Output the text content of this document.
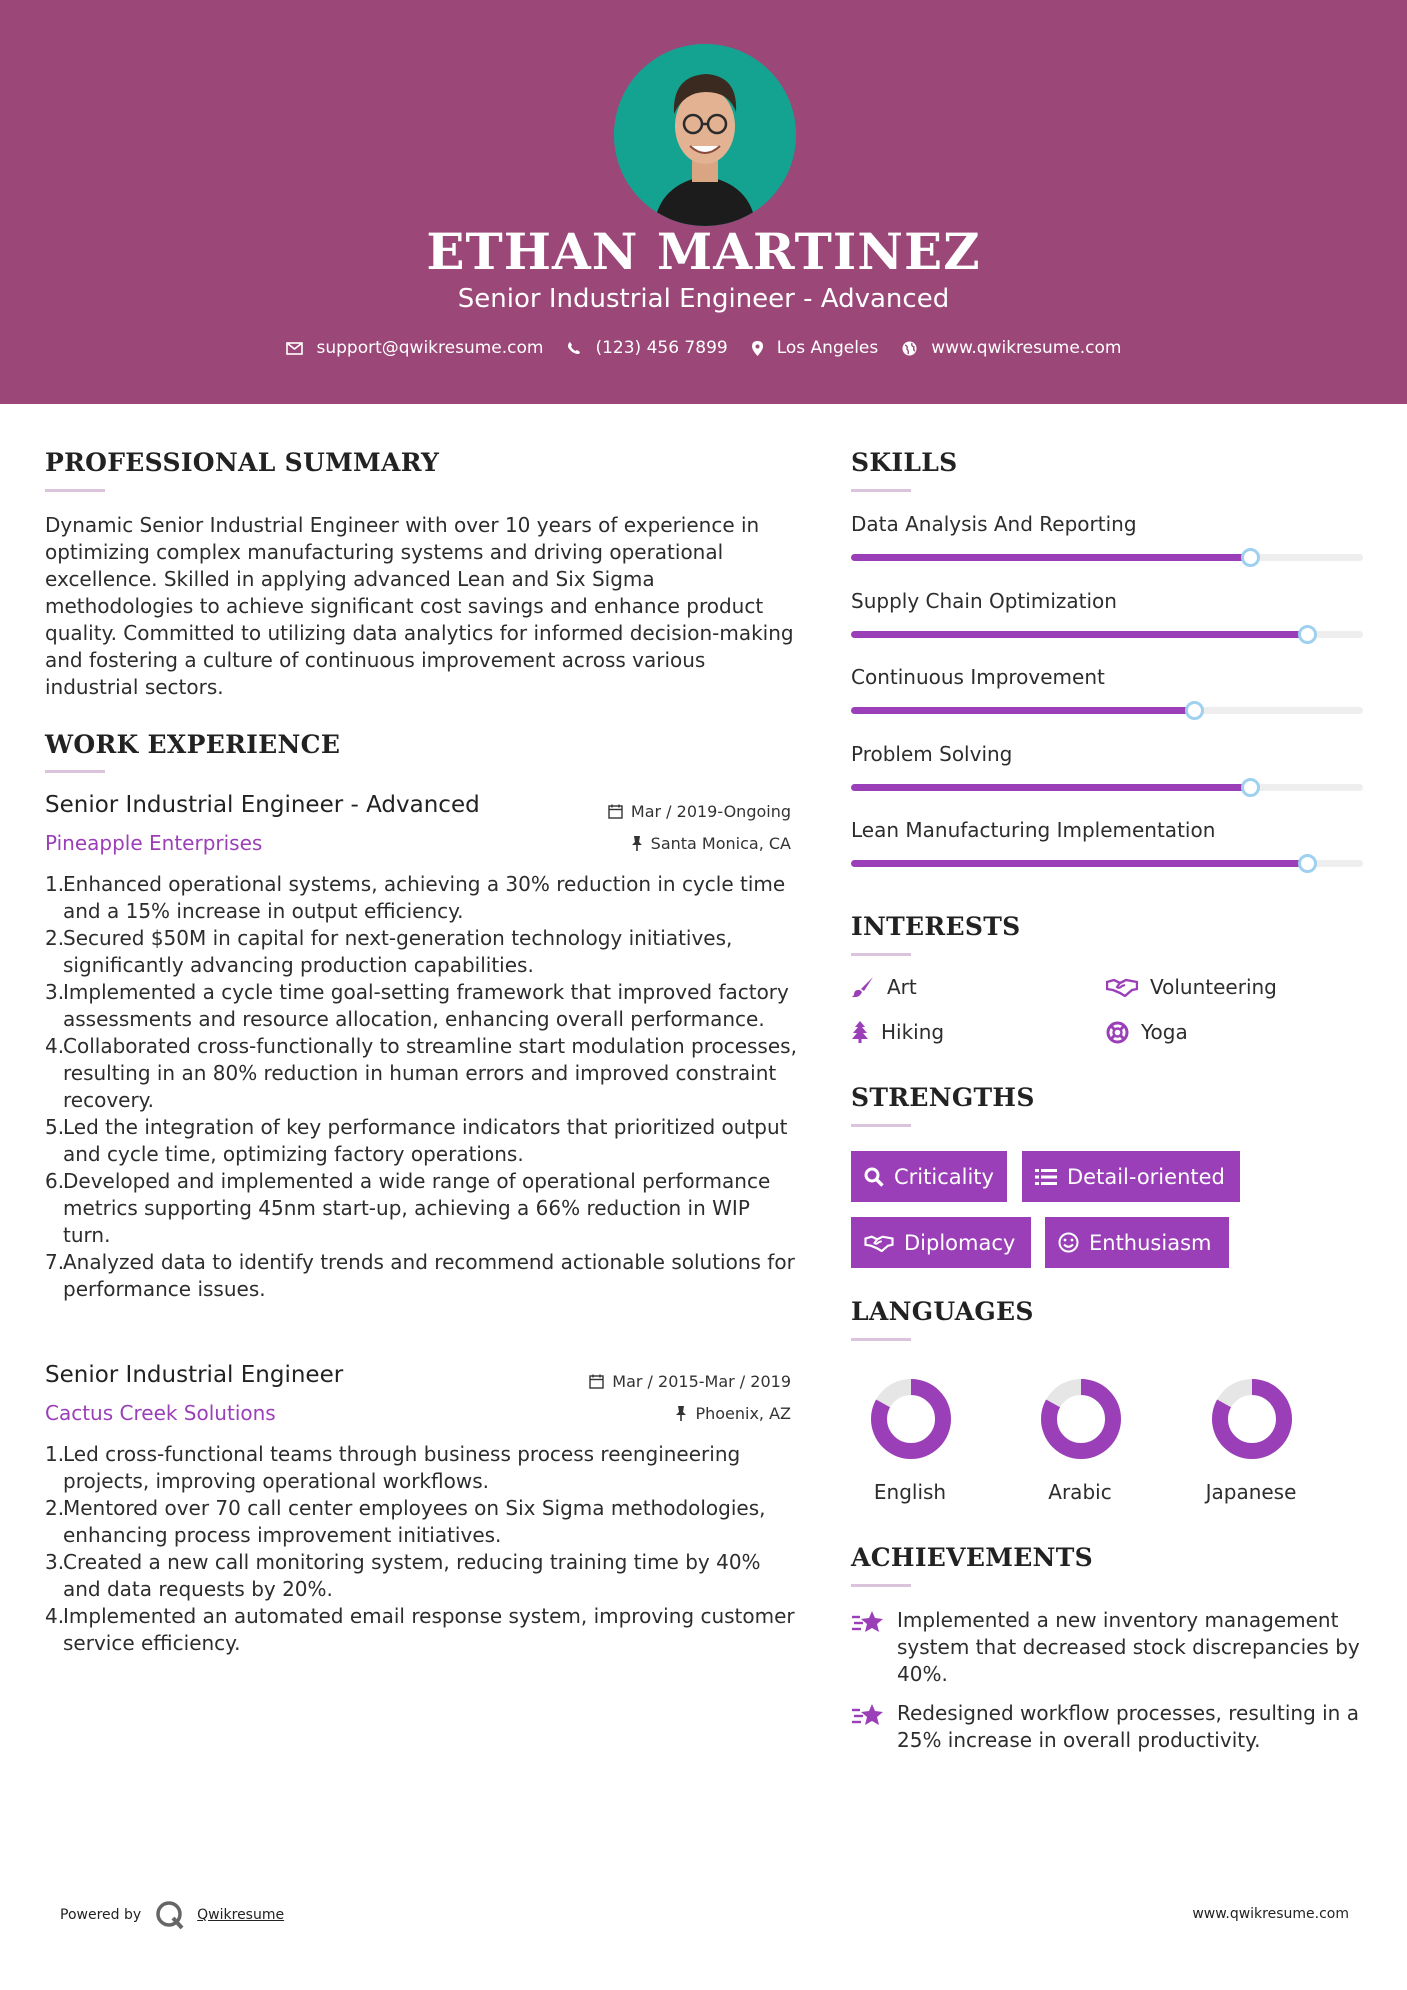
ETHAN MARTINEZ
Senior Industrial Engineer - Advanced
support@qwikresume.com	(123) 456 7899	Los Angeles	www.qwikresume.com
PROFESSIONAL SUMMARY
Dynamic Senior Industrial Engineer with over 10 years of experience in optimizing complex manufacturing systems and driving operational excellence. Skilled in applying advanced Lean and Six Sigma methodologies to achieve significant cost savings and enhance product quality. Committed to utilizing data analytics for informed decision-making and fostering a culture of continuous improvement across various industrial sectors.
WORK EXPERIENCE
Senior Industrial Engineer - Advanced	Mar / 2019-Ongoing
Pineapple Enterprises	Santa Monica, CA
1.
Enhanced operational systems, achieving a 30% reduction in cycle time and a 15% increase in output efficiency.
2.
Secured $50M in capital for next-generation technology initiatives, significantly advancing production capabilities.
3.
Implemented a cycle time goal-setting framework that improved factory assessments and resource allocation, enhancing overall performance.
4.
Collaborated cross-functionally to streamline start modulation processes, resulting in an 80% reduction in human errors and improved constraint recovery.
5.
Led the integration of key performance indicators that prioritized output and cycle time, optimizing factory operations.
6.
Developed and implemented a wide range of operational performance metrics supporting 45nm start-up, achieving a 66% reduction in WIP turn.
7.
Analyzed data to identify trends and recommend actionable solutions for performance issues.
Senior Industrial Engineer	Mar / 2015-Mar / 2019
Cactus Creek Solutions	Phoenix, AZ
1.
Led cross-functional teams through business process reengineering projects, improving operational workflows.
2.
Mentored over 70 call center employees on Six Sigma methodologies, enhancing process improvement initiatives.
3.
Created a new call monitoring system, reducing training time by 40% and data requests by 20%.
4.
Implemented an automated email response system, improving customer service efficiency.
SKILLS
Data Analysis And Reporting
Supply Chain Optimization
Continuous Improvement
Problem Solving
Lean Manufacturing Implementation
INTERESTS
Art	Volunteering
Hiking	Yoga
STRENGTHS
Criticality	Detail-oriented
Diplomacy	Enthusiasm
LANGUAGES
English	Arabic	Japanese
ACHIEVEMENTS
Implemented a new inventory management system that decreased stock discrepancies by 40%.
Redesigned workflow processes, resulting in a 25% increase in overall productivity.
Powered by	Qwikresume	www.qwikresume.com
